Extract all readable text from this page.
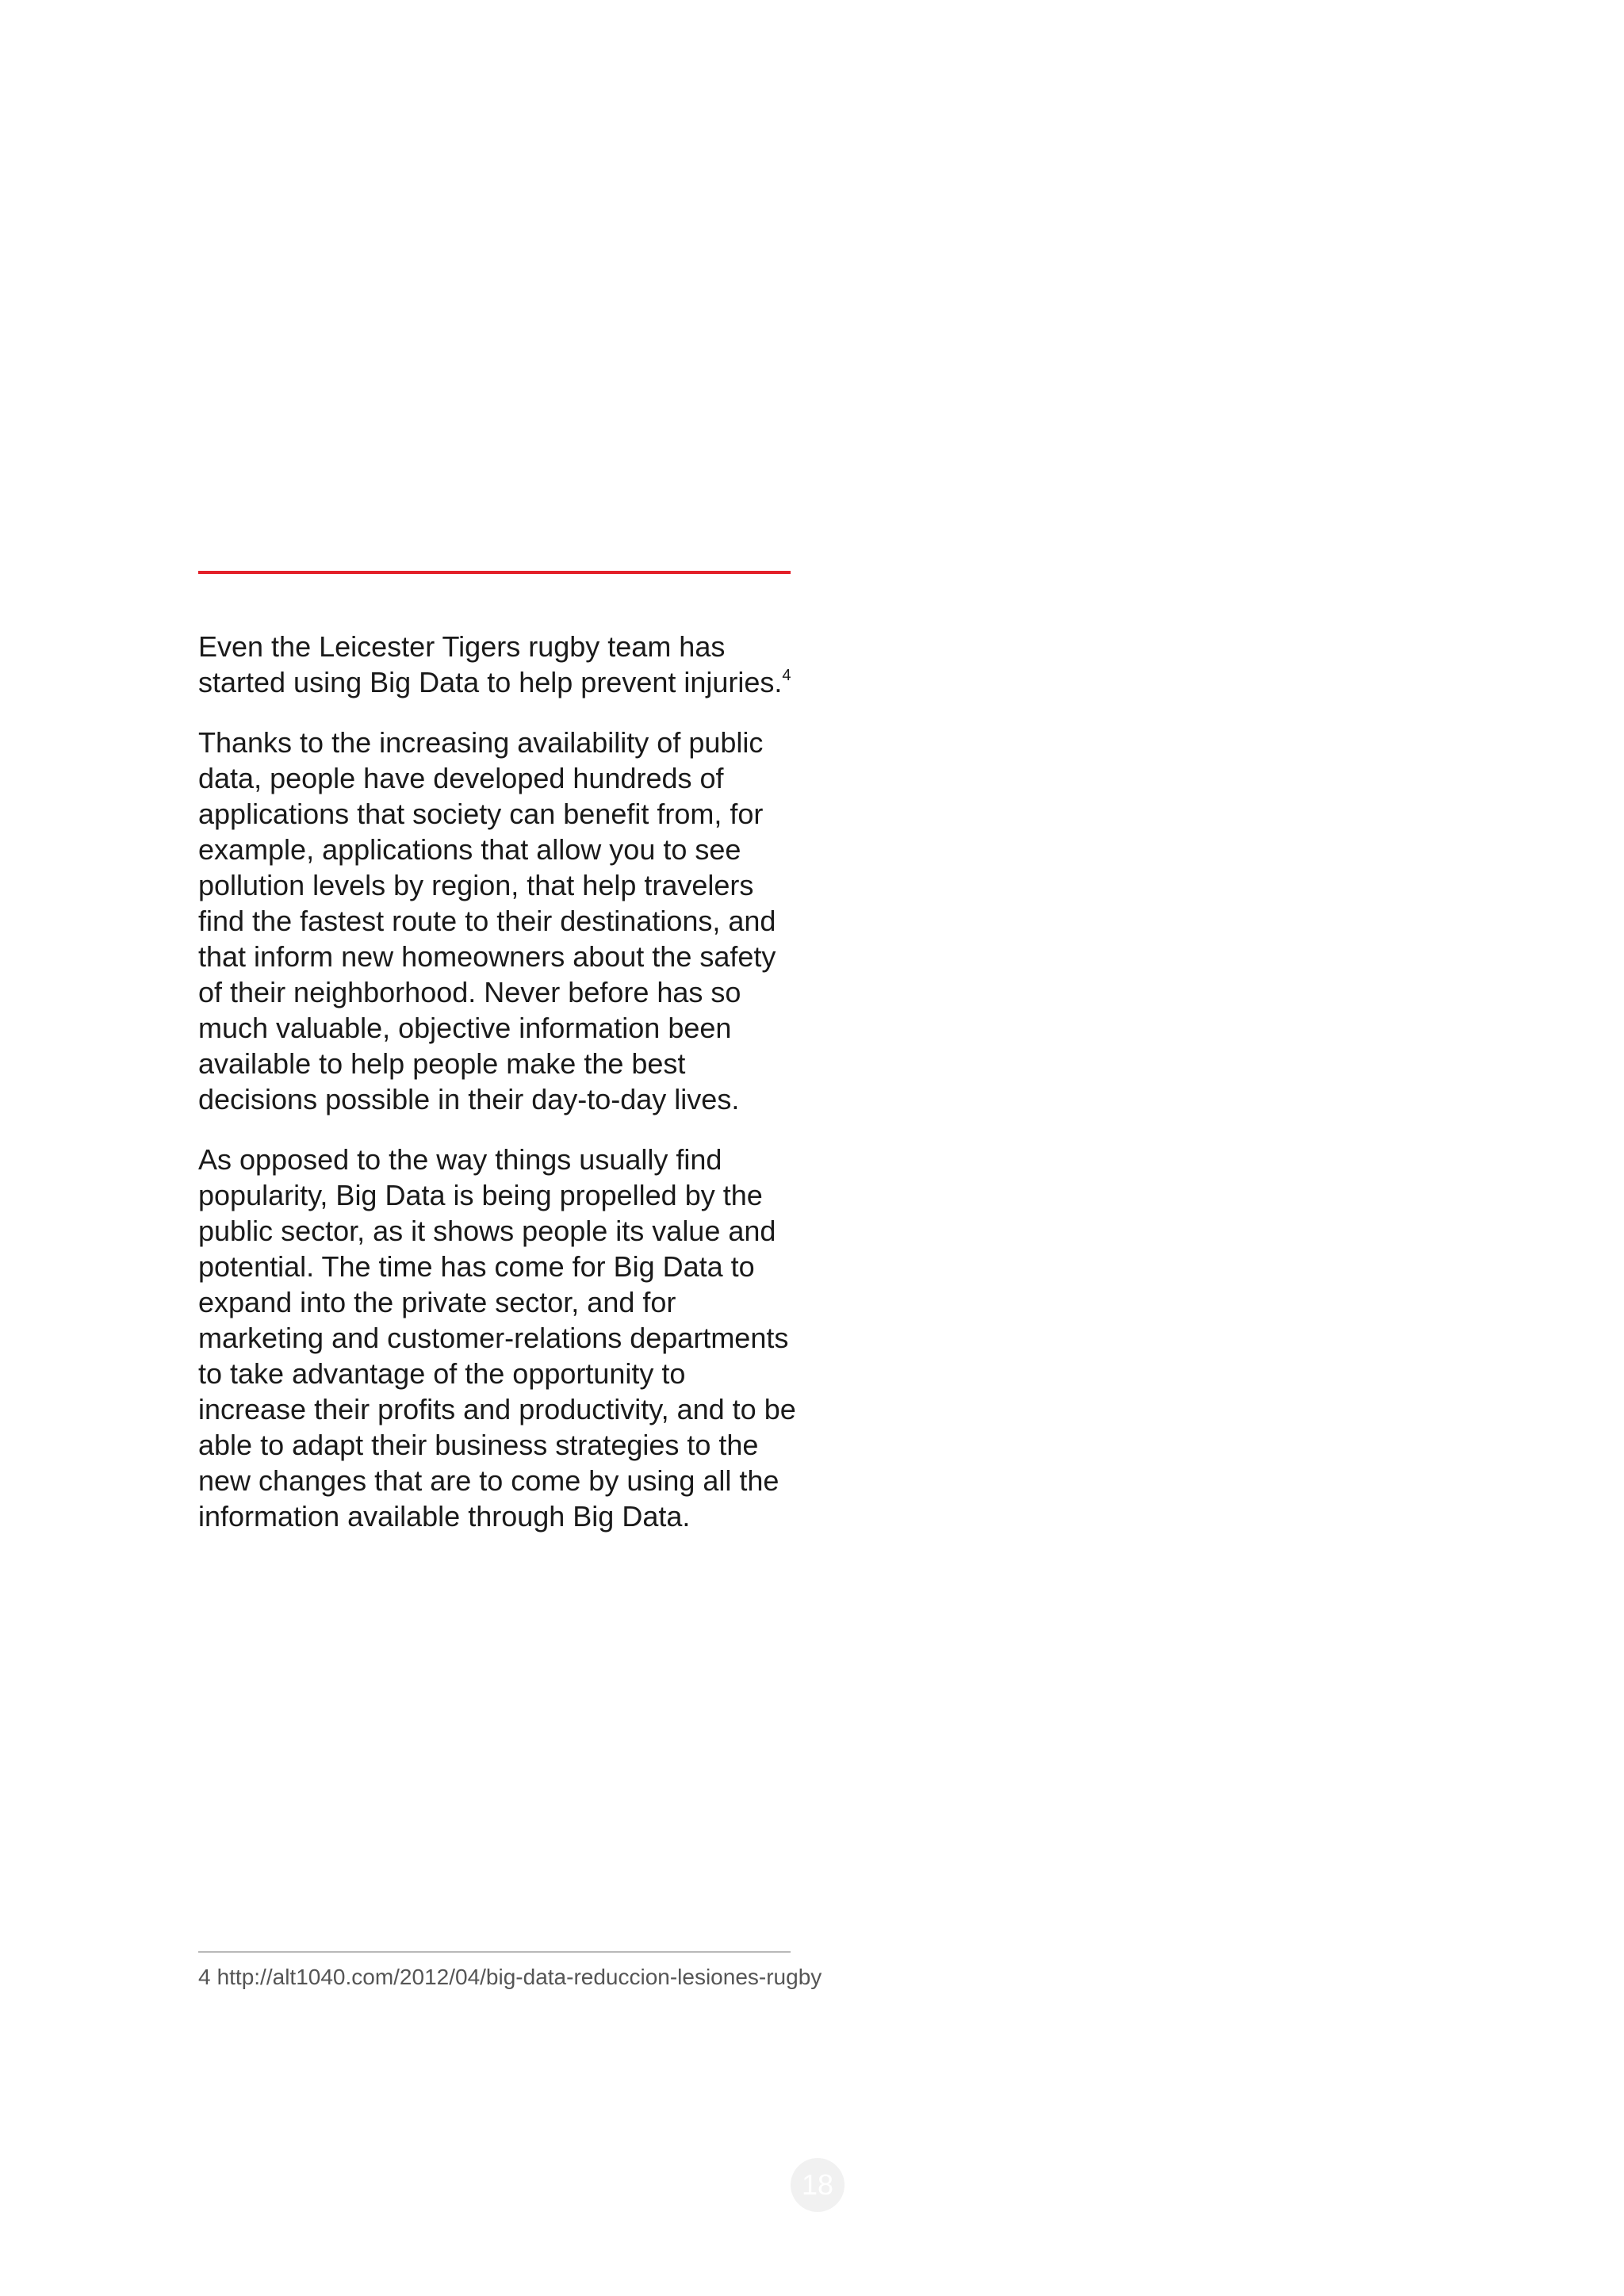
Even the Leicester Tigers rugby team has started using Big Data to help prevent injuries.$^4$

Thanks to the increasing availability of public data, people have developed hundreds of applications that society can benefit from, for example, applications that allow you to see pollution levels by region, that help travelers find the fastest route to their destinations, and that inform new homeowners about the safety of their neighborhood. Never before has so much valuable, objective information been available to help people make the best decisions possible in their day-to-day lives.

As opposed to the way things usually find popularity, Big Data is being propelled by the public sector, as it shows people its value and potential. The time has come for Big Data to expand into the private sector, and for marketing and customer-relations departments to take advantage of the opportunity to increase their profits and productivity, and to be able to adapt their business strategies to the new changes that are to come by using all the information available through Big Data.

4 http://alt1040.com/2012/04/big-data-reduccion-lesiones-rugby
18
